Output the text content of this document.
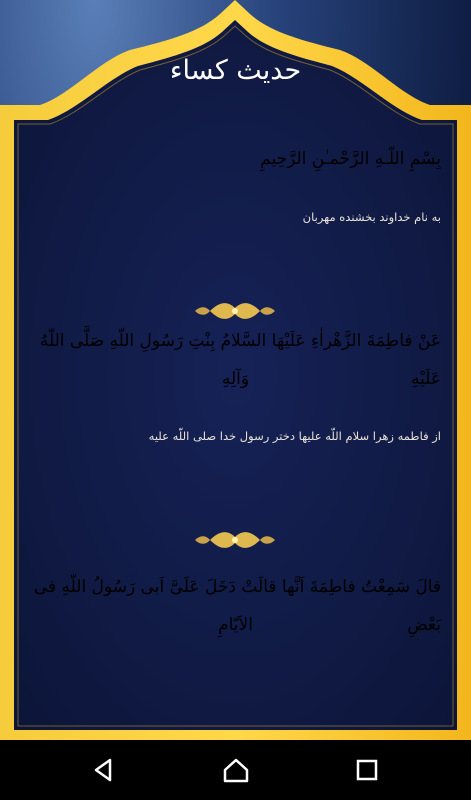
حدیث کساء
بِسْمِ اللّـهِ الرَّحْمـٰنِ الرَّحِيمِ
به نام خداوند بخشنده مهربان
عَنْ فاطِمَةَ الزَّهْراٰءِ عَلَيْهَا السَّلامُ بِنْتِ رَسُولِ اللّهِ صَلَّى اللّهُ عَلَيْهِ
وَآلِهِ
از فاطمه زهرا سلام اللّه عليها دختر رسول خدا صلى اللّه عليه
قالَ سَمِعْتُ فاطِمَةَ اَنَّها قالَتْ دَخَلَ عَلَىَّ اَبى رَسُولُ اللّهِ فى بَعْضِ
الاَيّامِ
